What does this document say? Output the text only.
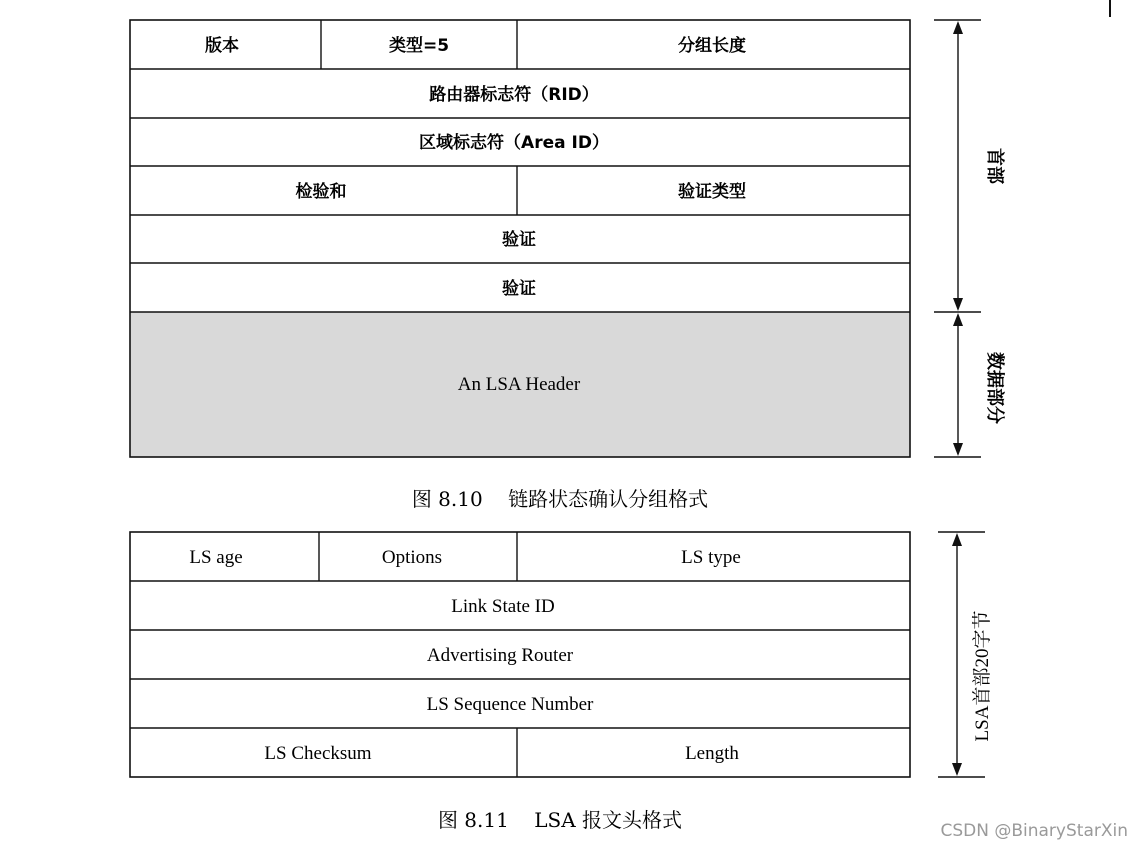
版本	类型=5	分组长度
路由器标志符（RID）
区域标志符（Area ID）
检验和	验证类型
验证
验证
An LSA Header
首部
数据部分
图 8.10    链路状态确认分组格式
LS age	Options	LS type
Link State ID
Advertising Router
LS Sequence Number
LS Checksum	Length
LSA首部20字节
图 8.11    LSA 报文头格式	CSDN @BinaryStarXin
